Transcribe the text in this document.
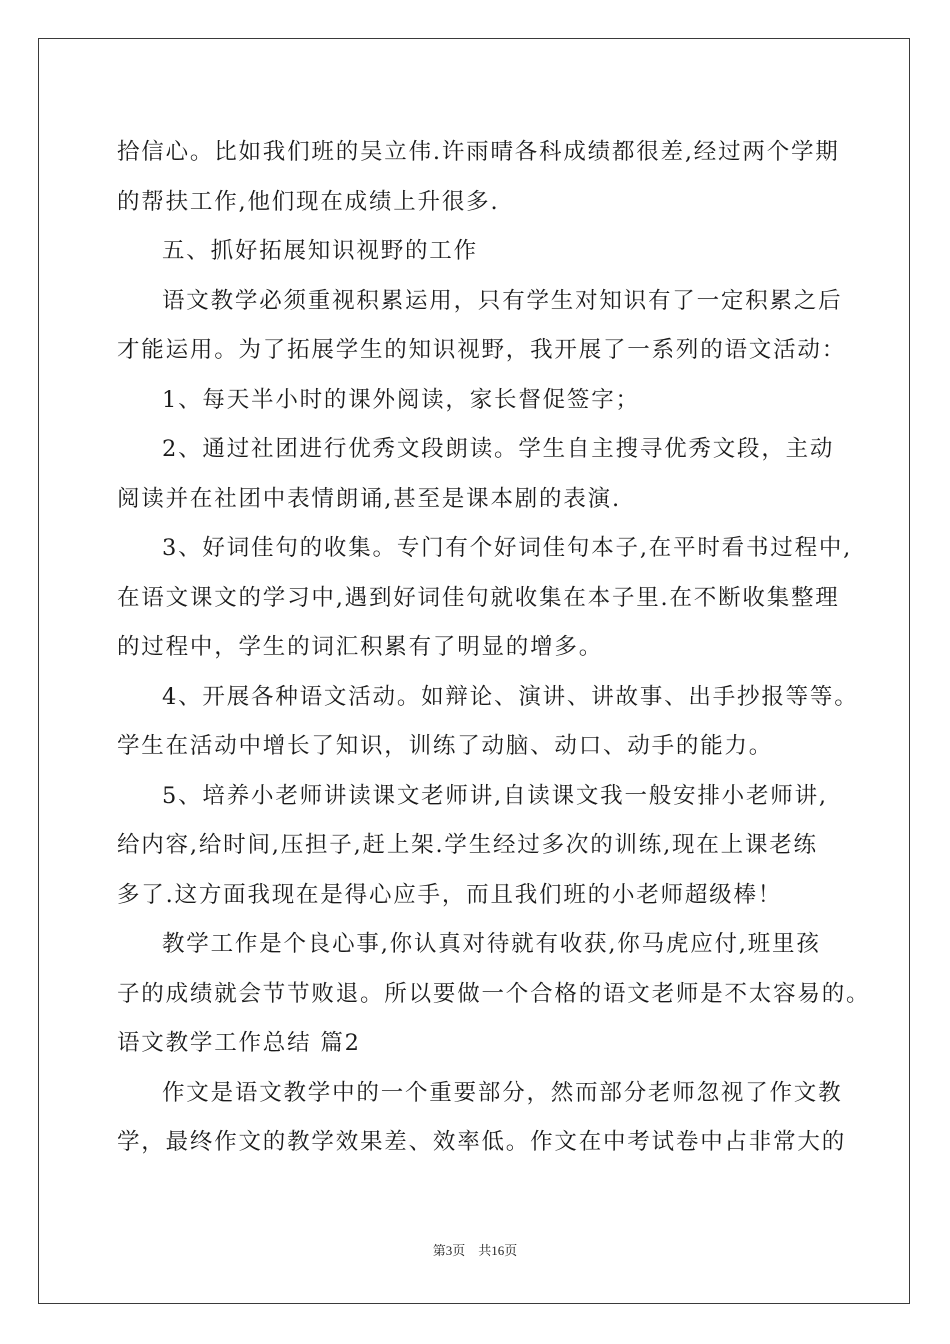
拾信心。比如我们班的吴立伟.许雨晴各科成绩都很差,经过两个学期
的帮扶工作,他们现在成绩上升很多.
五、抓好拓展知识视野的工作
语文教学必须重视积累运用，只有学生对知识有了一定积累之后
才能运用。为了拓展学生的知识视野，我开展了一系列的语文活动：
1、每天半小时的课外阅读，家长督促签字；
2、通过社团进行优秀文段朗读。学生自主搜寻优秀文段，主动
阅读并在社团中表情朗诵,甚至是课本剧的表演.
3、好词佳句的收集。专门有个好词佳句本子,在平时看书过程中,
在语文课文的学习中,遇到好词佳句就收集在本子里.在不断收集整理
的过程中，学生的词汇积累有了明显的增多。
4、开展各种语文活动。如辩论、演讲、讲故事、出手抄报等等。
学生在活动中增长了知识，训练了动脑、动口、动手的能力。
5、培养小老师讲读课文老师讲,自读课文我一般安排小老师讲,
给内容,给时间,压担子,赶上架.学生经过多次的训练,现在上课老练
多了.这方面我现在是得心应手，而且我们班的小老师超级棒！
教学工作是个良心事,你认真对待就有收获,你马虎应付,班里孩
子的成绩就会节节败退。所以要做一个合格的语文老师是不太容易的。
语文教学工作总结 篇2
作文是语文教学中的一个重要部分，然而部分老师忽视了作文教
学，最终作文的教学效果差、效率低。作文在中考试卷中占非常大的
第3页　共16页
